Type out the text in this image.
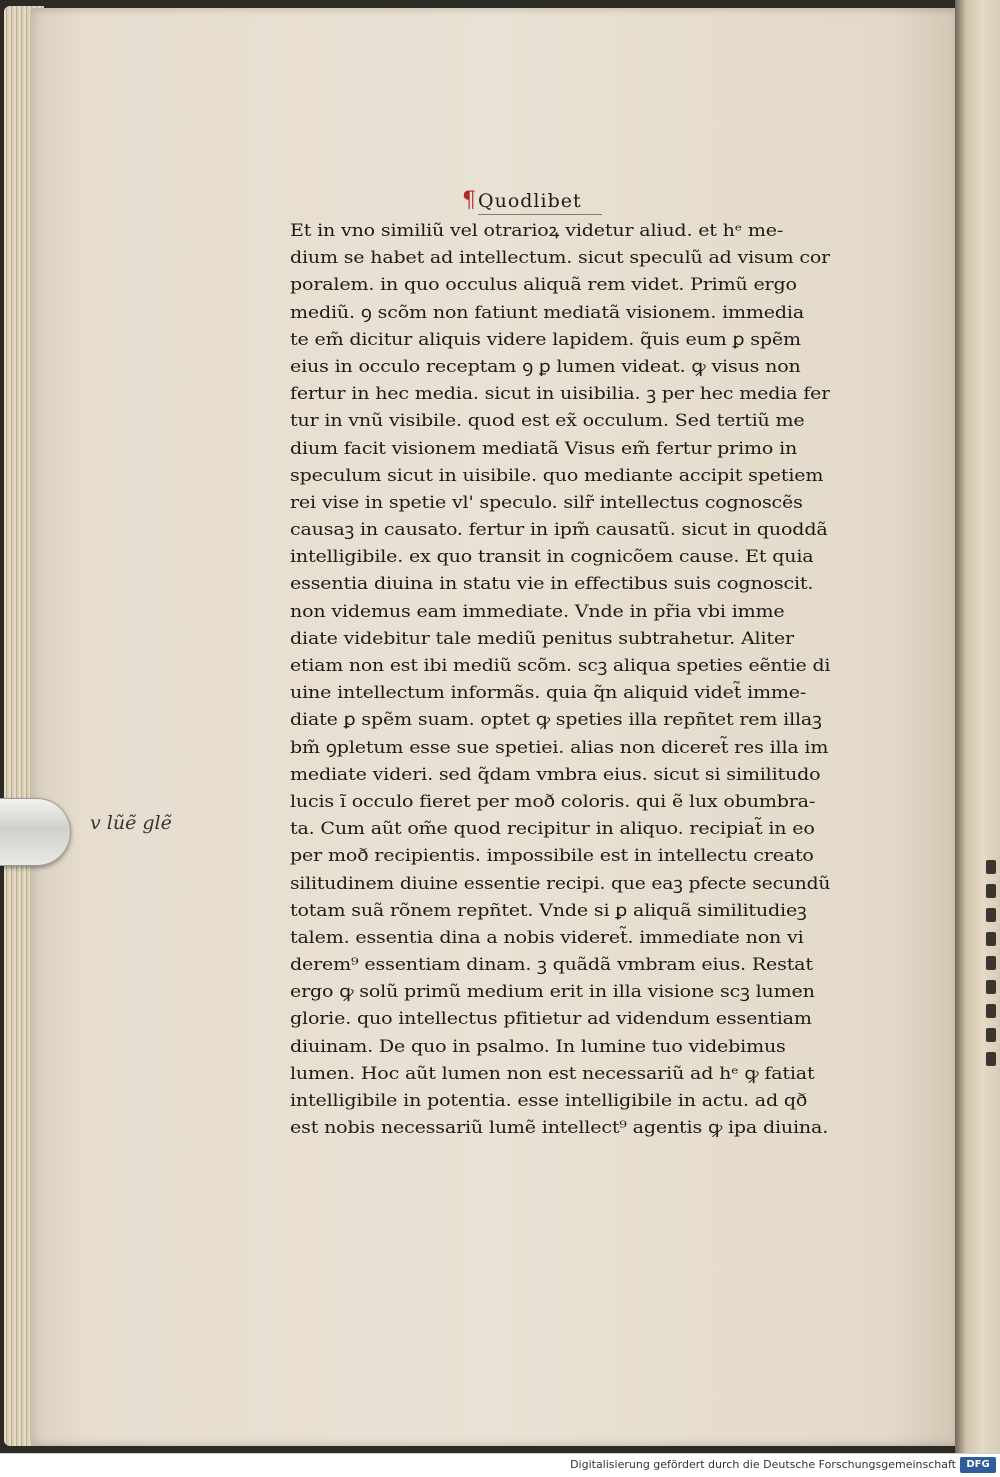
¶Quodlibet
Et in vno similiũ vel otrarioꝝ videtur aliud. et hᵉ me-
dium se habet ad intellectum. sicut speculũ ad visum cor
poralem. in quo occulus aliquã rem videt. Primũ ergo
mediũ. ꝯ scõm non fatiunt mediatã visionem. immedia
te em̃ dicitur aliquis videre lapidem. q̃uis eum ꝑ spẽm
eius in occulo receptam ꝯ ꝑ lumen videat. ꝙ visus non
fertur in hec media. sicut in uisibilia. ꝫ per hec media fer
tur in vnũ visibile. quod est ex̃ occulum. Sed tertiũ me
dium facit visionem mediatã Visus em̃ fertur primo in
speculum sicut in uisibile. quo mediante accipit spetiem
rei vise in spetie vl' speculo. silr̃ intellectus cognoscẽs
causaꝫ in causato. fertur in ipm̃ causatũ. sicut in quoddã
intelligibile. ex quo transit in cognicõem cause. Et quia
essentia diuina in statu vie in effectibus suis cognoscit.
non videmus eam immediate. Vnde in pr̃ia vbi imme
diate videbitur tale mediũ penitus subtrahetur. Aliter
etiam non est ibi mediũ scõm. scꝫ aliqua speties eẽntie di
uine intellectum informãs. quia q̃n aliquid videt̃ imme-
diate ꝑ spẽm suam. optet ꝙ speties illa repñtet rem illaꝫ
bm̃ ꝯpletum esse sue spetiei. alias non diceret̃ res illa im
mediate videri. sed q̃dam vmbra eius. sicut si similitudo
lucis ĩ occulo fieret per moð coloris. qui ẽ lux obumbra-
ta. Cum aũt om̃e quod recipitur in aliquo. recipiat̃ in eo
per moð recipientis. impossibile est in intellectu creato
silitudinem diuine essentie recipi. que eaꝫ pfecte secundũ
totam suã rõnem repñtet. Vnde si ꝑ aliquã similitudieꝫ
talem. essentia dina a nobis videret̃. immediate non vi
derem⁹ essentiam dinam. ꝫ quãdã vmbram eius. Restat
ergo ꝙ solũ primũ medium erit in illa visione scꝫ lumen
glorie. quo intellectus pfitietur ad videndum essentiam
diuinam. De quo in psalmo. In lumine tuo videbimus
lumen. Hoc aũt lumen non est necessariũ ad hᵉ ꝙ fatiat
intelligibile in potentia. esse intelligibile in actu. ad qð
est nobis necessariũ lumẽ intellect⁹ agentis ꝙ ipa diuina.
v lũẽ glẽ
Digitalisierung gefördert durch die Deutsche Forschungsgemeinschaft	DFG
